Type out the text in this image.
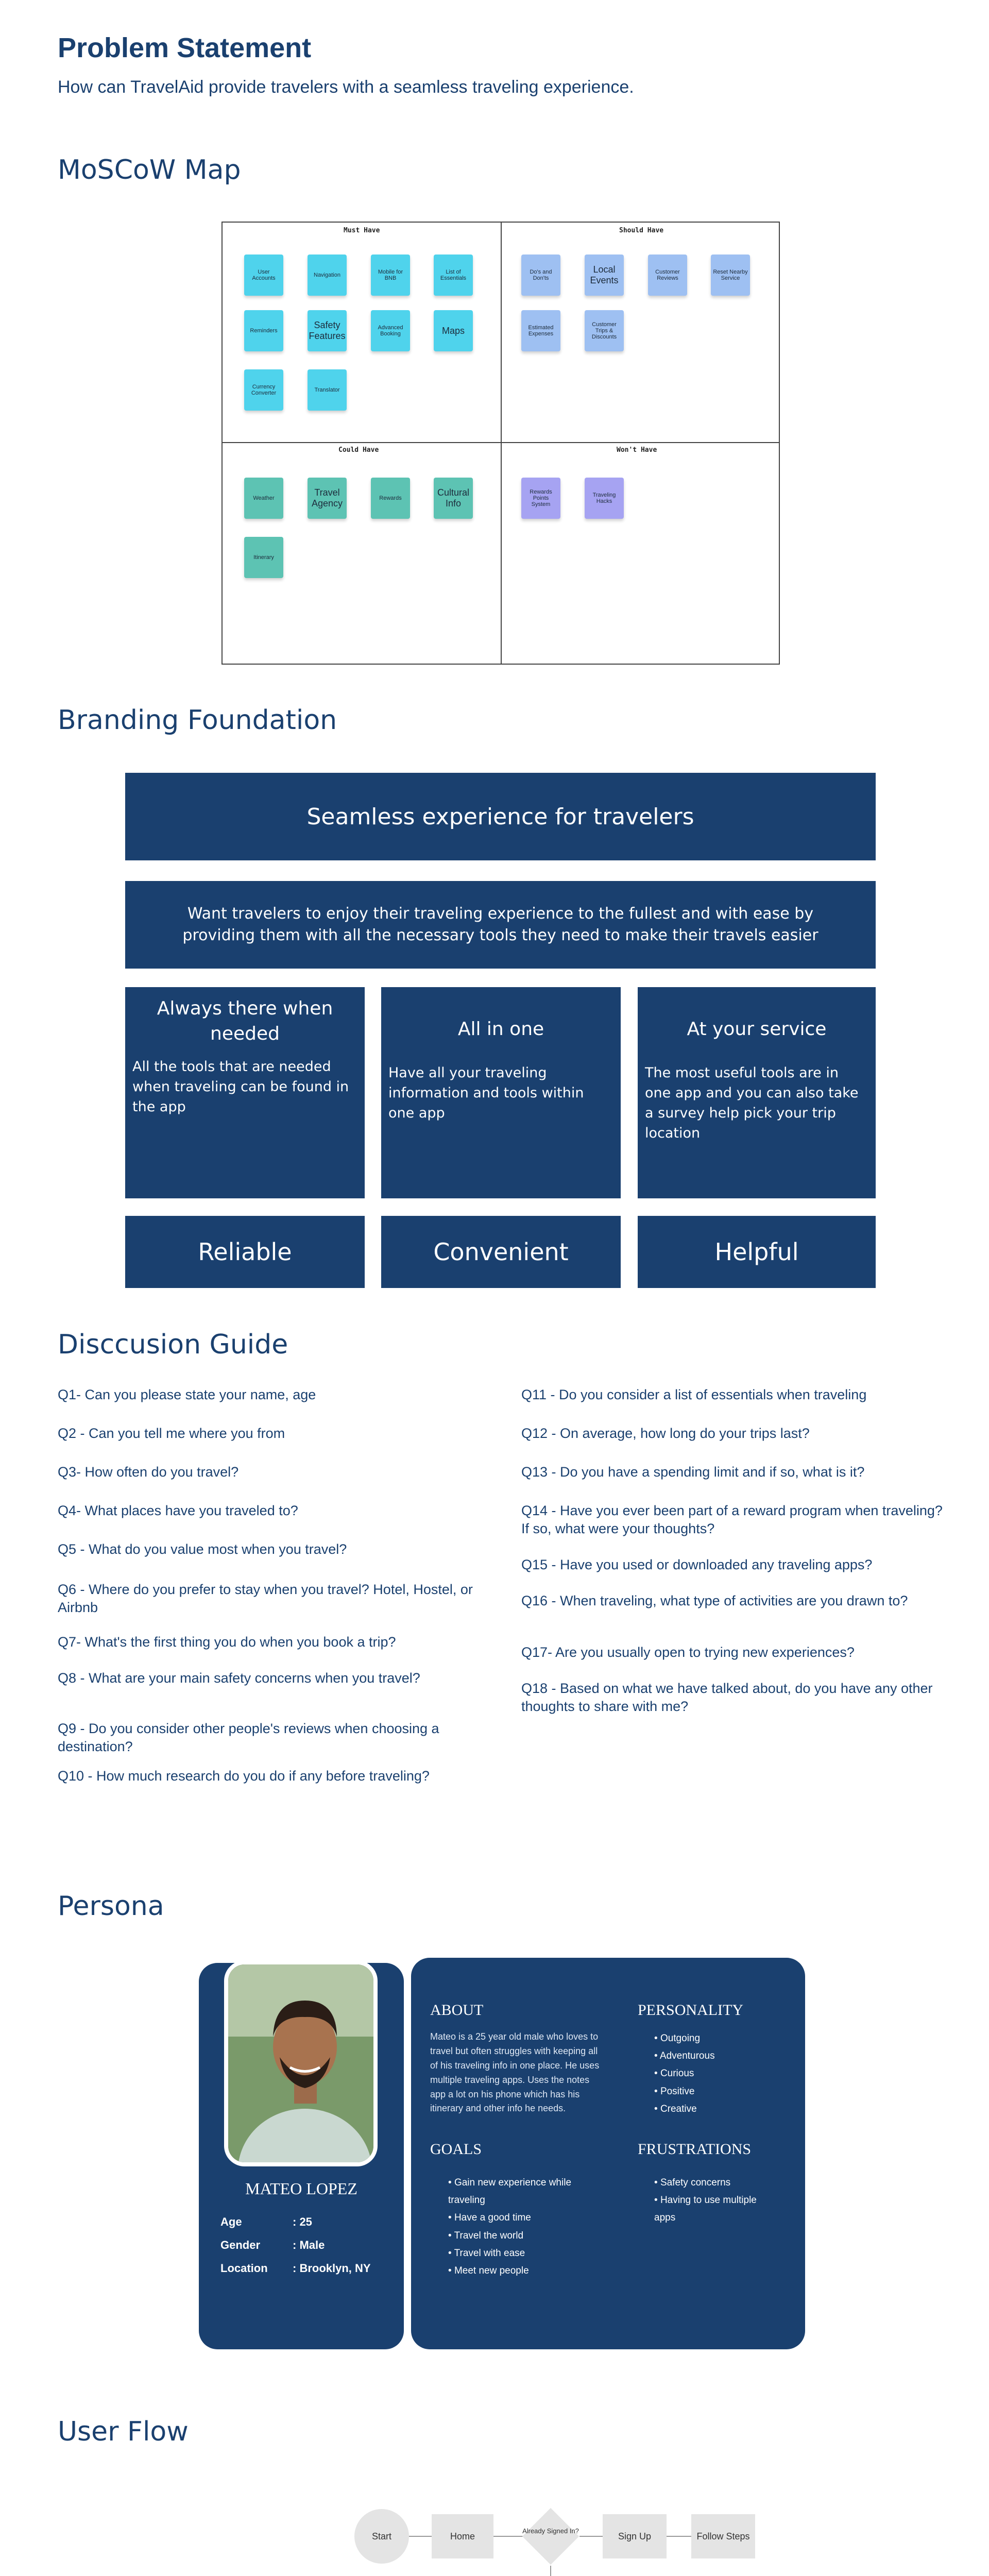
Problem Statement
How can TravelAid provide travelers with a seamless traveling experience.
MoSCoW Map
Must Have	Should Have
Could Have	Won't Have
User Accounts	Navigation	Mobile for BNB
List of Essentials
Reminders
Safety Features
Advanced Booking	Maps
Currency Converter	Translator
Do's and Don'ts
Local Events
Customer Reviews
Reset Nearby Service
Estimated Expenses
Customer Trips & Discounts
Weather
Travel Agency	Rewards
Cultural Info
Itinerary
Rewards Points System
Traveling Hacks
Branding Foundation
Seamless experience for travelers
Want travelers to enjoy their traveling experience to the fullest and with ease by providing them with all the necessary tools they need to make their travels easier
Always there when needed
All the tools that are needed when traveling can be found in the app
All in one
Have all your traveling information and tools within one app
At your service
The most useful tools are in one app and you can also take a survey help pick your trip location
Reliable	Convenient	Helpful
Disccusion Guide
Q1- Can you please state your name, age
Q2 - Can you tell me where you from
Q3- How often do you travel?
Q4- What places have you traveled to?
Q5 - What do you value most when you travel?
Q6 - Where do you prefer to stay when you travel? Hotel, Hostel, or Airbnb
Q7- What's the first thing you do when you book a trip?
Q8 - What are your main safety concerns when you travel?
Q9 - Do you consider other people's reviews when choosing a destination?
Q10 - How much research do you do if any before traveling?
Q11 - Do you consider a list of essentials when traveling
Q12 - On average, how long do your trips last?
Q13 - Do you have a spending limit and if so, what is it?
Q14 - Have you ever been part of a reward program when traveling? If so, what were your thoughts?
Q15 - Have you used or downloaded any traveling apps?
Q16 - When traveling, what type of activities are you drawn to?
Q17- Are you usually open to trying new experiences?
Q18 - Based on what we have talked about, do you have any other thoughts to share with me?
Persona
MATEO LOPEZ
Age	: 25
Gender	: Male
Location : Brooklyn, NY
ABOUT
Mateo is a 25 year old male who loves to travel but often struggles with keeping all of his traveling info in one place. He uses multiple traveling apps. Uses the notes app a lot on his phone which has his itinerary and other info he needs.
PERSONALITY
• Outgoing
• Adventurous
• Curious
• Positive
• Creative
GOALS
• Gain new experience while traveling
• Have a good time
• Travel the world
• Travel with ease
• Meet new people
FRUSTRATIONS
• Safety concerns
• Having to use multiple apps
User Flow
Start	Home	Already Signed In?	Sign Up	Follow Steps
